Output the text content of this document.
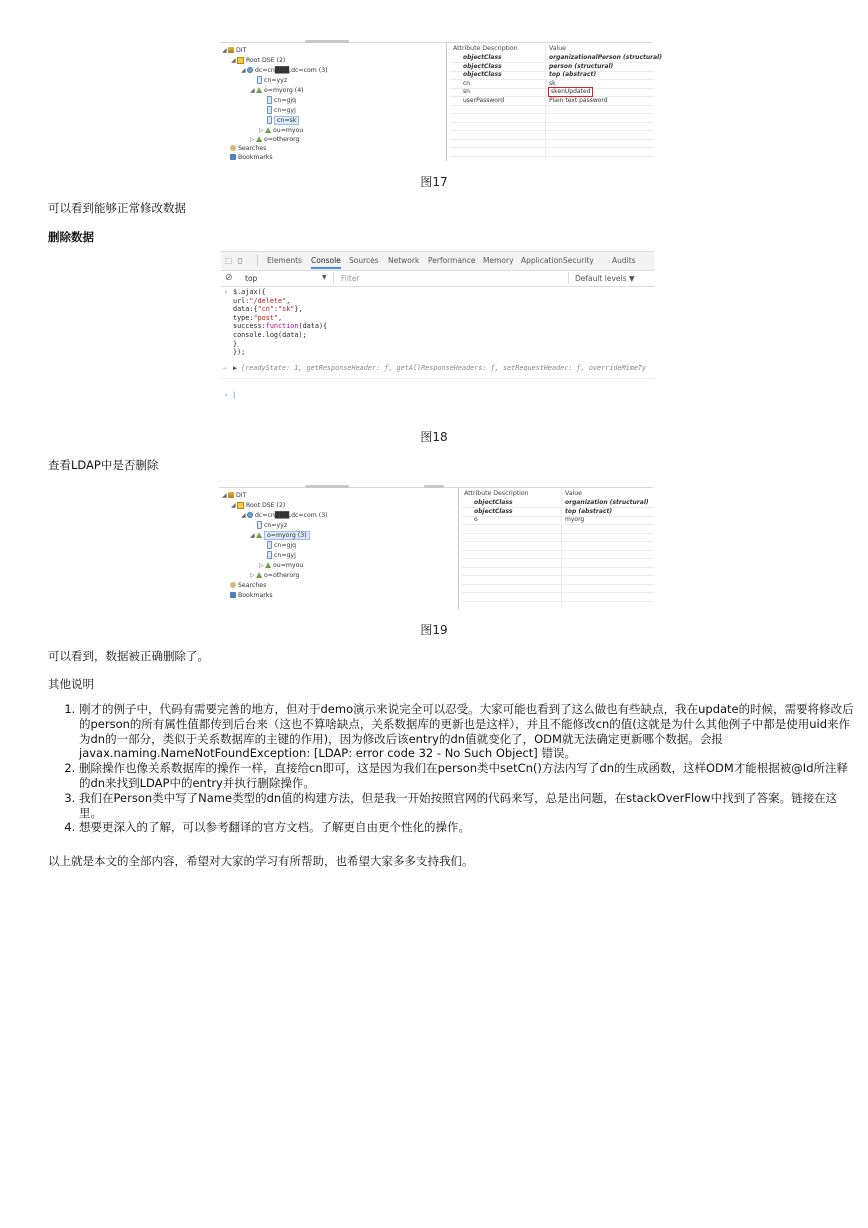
◢ DIT
◢ Root DSE (2)
◢ dc=cn███,dc=com (3)
cn=yyz
◢ o=myorg (4)
cn=gjq
cn=gyj
cn=sk
▷ ou=myou
▷ o=otherorg
Searches
Bookmarks
Attribute Description	Value
objectClass	organizationalPerson (structural)
objectClass	person (structural)
objectClass	top (abstract)
cn	sk
sn	skenUpdated
userPassword	Plain text password
图17
可以看到能够正常修改数据
删除数据
⬚ ▯	Elements Console Sources Network Performance Memory Application Security Audits
⊘ top	▼ Filter	Default levels ▼
› $.ajax({
url:"/delete",
data:{"cn":"sk"},
type:"post",
success:function(data){
console.log(data);
}
});
← ▶ {readyState: 1, getResponseHeader: ƒ, getAllResponseHeaders: ƒ, setRequestHeader: ƒ, overrideMimeTy
› |
图18
查看LDAP中是否删除
◢ DIT
◢ Root DSE (2)
◢ dc=cn███,dc=com (3)
cn=yyz
◢ o=myorg (3)
cn=gjq
cn=gyj
▷ ou=myou
▷ o=otherorg
Searches
Bookmarks
Attribute Description	Value
objectClass	organization (structural)
objectClass	top (abstract)
o	myorg
图19
可以看到，数据被正确删除了。
其他说明
1. 刚才的例子中，代码有需要完善的地方，但对于demo演示来说完全可以忍受。大家可能也看到了这么做也有些缺点，我在update的时候，需要将修改后的person的所有属性值都传到后台来（这也不算啥缺点，关系数据库的更新也是这样），并且不能修改cn的值(这就是为什么其他例子中都是使用uid来作为dn的一部分，类似于关系数据库的主键的作用)，因为修改后该entry的dn值就变化了，ODM就无法确定更新哪个数据。会报 javax.naming.NameNotFoundException: [LDAP: error code 32 - No Such Object] 错误。
2. 删除操作也像关系数据库的操作一样，直接给cn即可，这是因为我们在person类中setCn()方法内写了dn的生成函数，这样ODM才能根据被@Id所注释的dn来找到LDAP中的entry并执行删除操作。
3. 我们在Person类中写了Name类型的dn值的构建方法，但是我一开始按照官网的代码来写，总是出问题，在stackOverFlow中找到了答案。链接在这里。
4. 想要更深入的了解，可以参考翻译的官方文档。了解更自由更个性化的操作。
以上就是本文的全部内容，希望对大家的学习有所帮助，也希望大家多多支持我们。
